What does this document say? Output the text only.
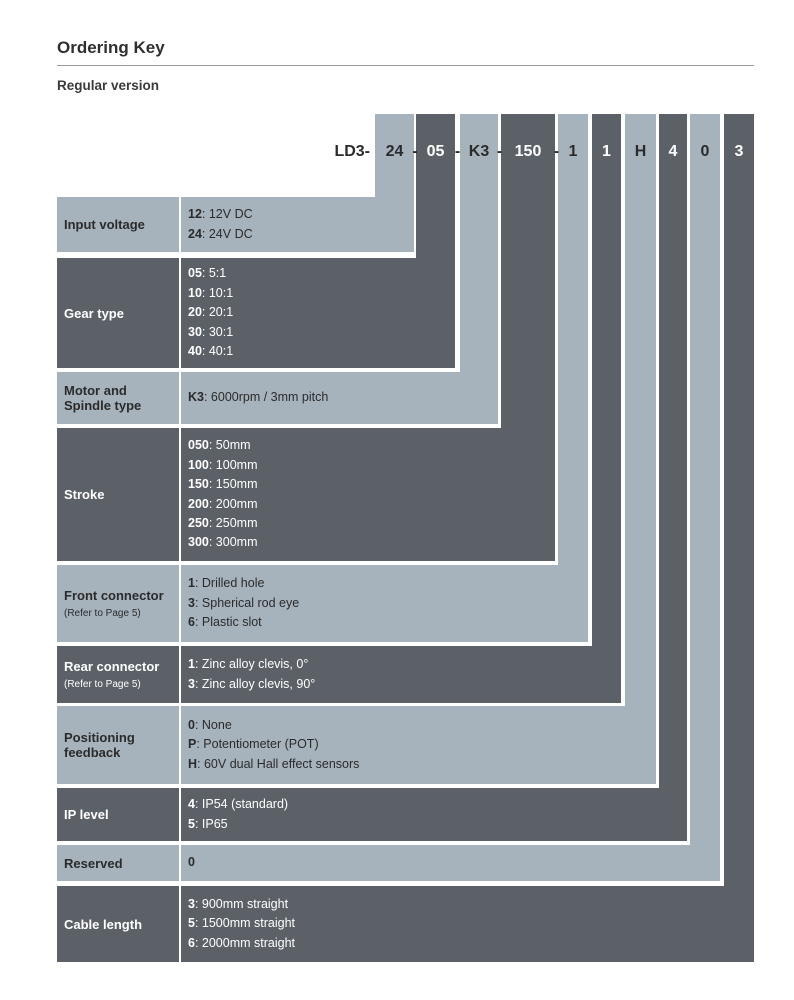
Ordering Key
Regular version
LD3- 24	05	K3	150	1	1	H	4	0	3
- - -	-
Input voltage
12: 12V DC
24: 24V DC
Gear type
05: 5:1
10: 10:1
20: 20:1
30: 30:1
40: 40:1
Motor and
Spindle type
K3: 6000rpm / 3mm pitch
Stroke
050: 50mm
100: 100mm
150: 150mm
200: 200mm
250: 250mm
300: 300mm
Front connector
(Refer to Page 5)
1: Drilled hole
3: Spherical rod eye
6: Plastic slot
Rear connector
(Refer to Page 5)
1: Zinc alloy clevis, 0°
3: Zinc alloy clevis, 90°
Positioning
feedback
0: None
P: Potentiometer (POT)
H: 60V dual Hall effect sensors
IP level
4: IP54 (standard)
5: IP65
Reserved	0
Cable length
3: 900mm straight
5: 1500mm straight
6: 2000mm straight
